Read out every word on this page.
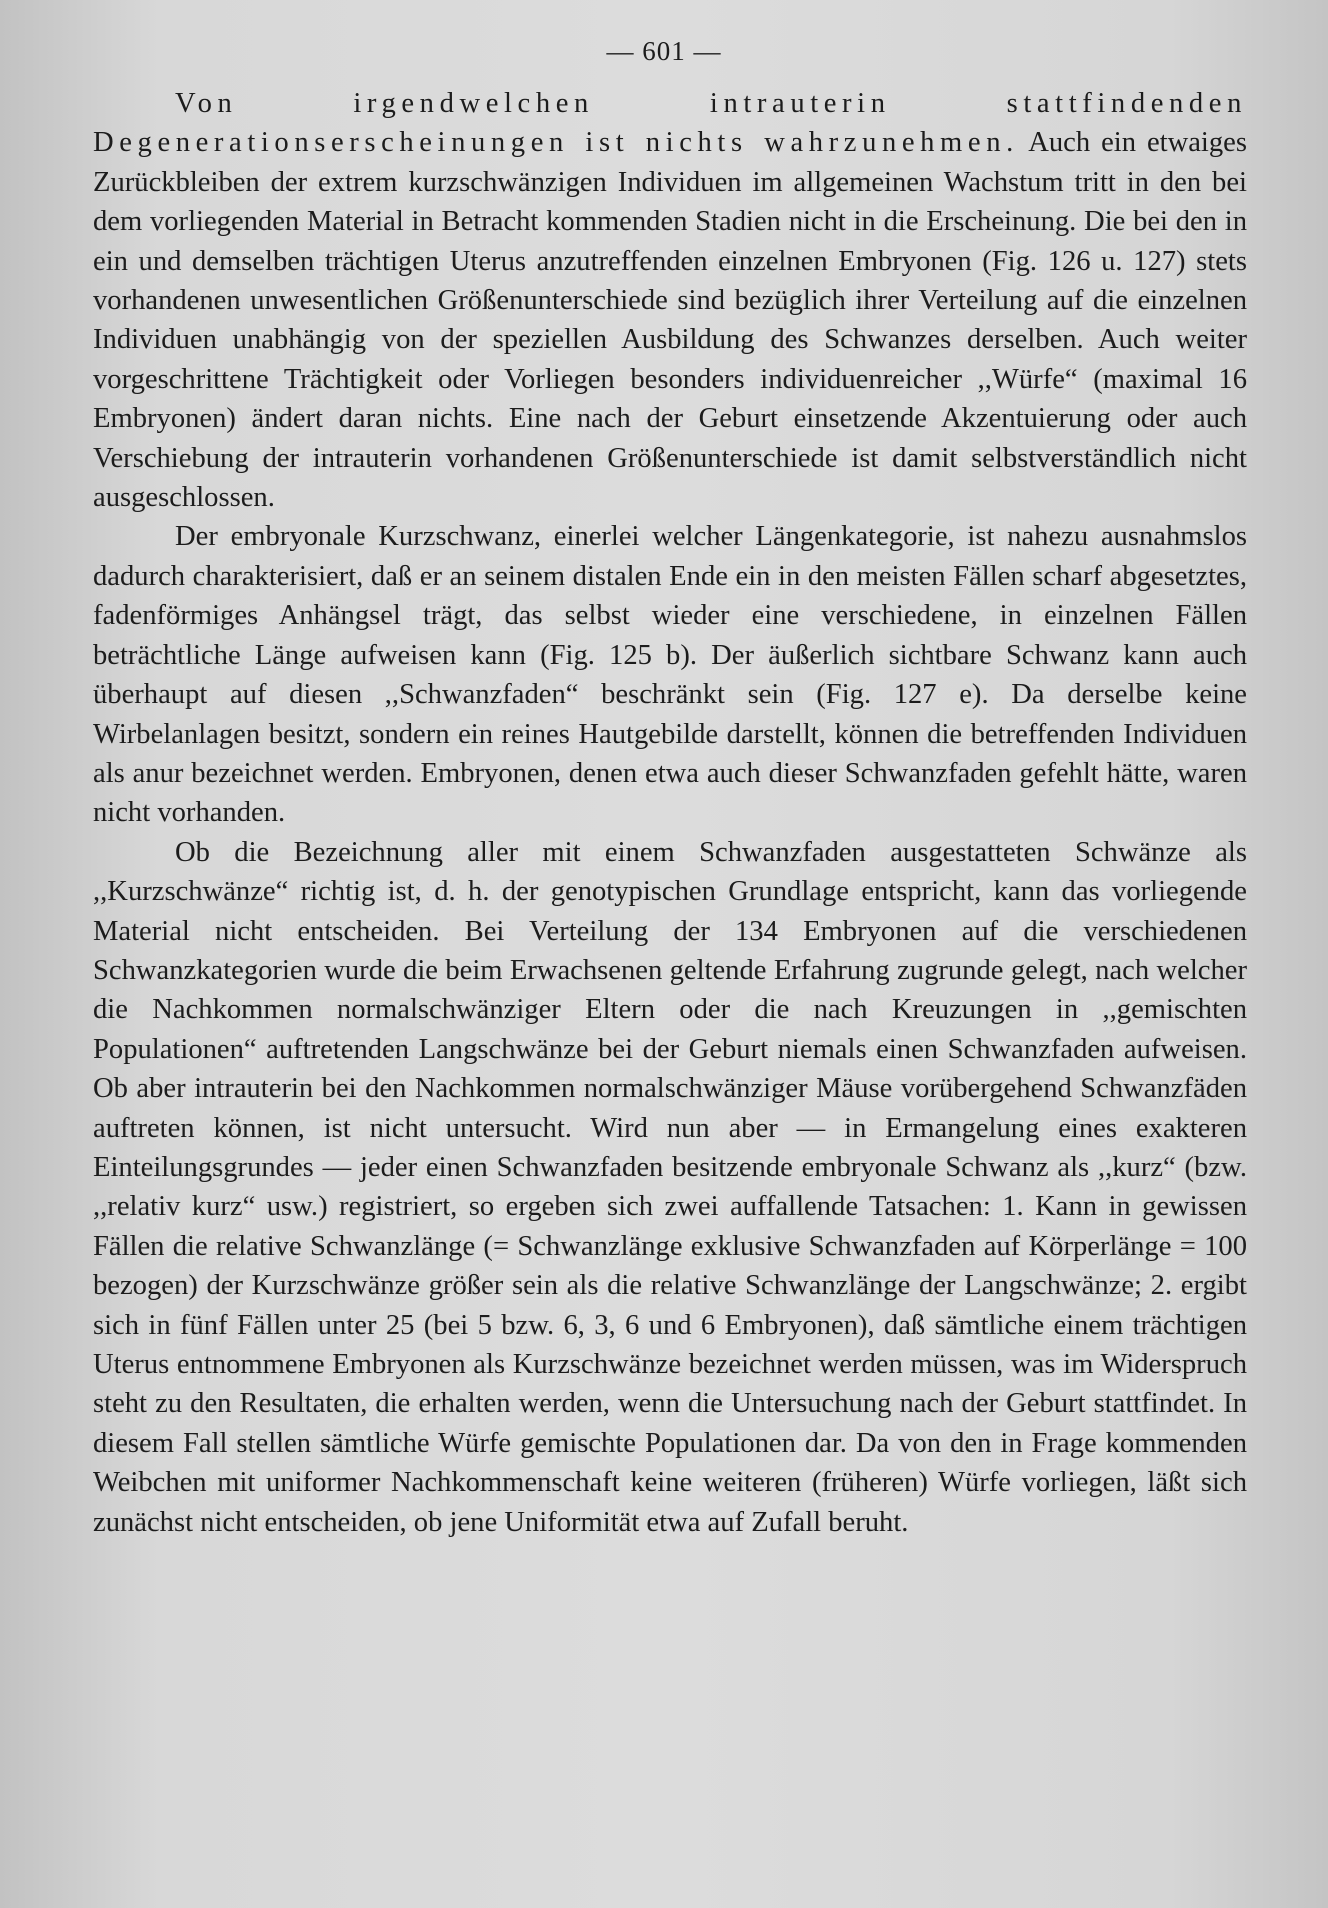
— 601 —

Von irgendwelchen intrauterin stattfindenden Degenerationserscheinungen ist nichts wahrzunehmen. Auch ein etwaiges Zurückbleiben der extrem kurzschwänzigen Individuen im allgemeinen Wachstum tritt in den bei dem vorliegenden Material in Betracht kommenden Stadien nicht in die Erscheinung. Die bei den in ein und demselben trächtigen Uterus anzutreffenden einzelnen Embryonen (Fig. 126 u. 127) stets vorhandenen unwesentlichen Größenunterschiede sind bezüglich ihrer Verteilung auf die einzelnen Individuen unabhängig von der speziellen Ausbildung des Schwanzes derselben. Auch weiter vorgeschrittene Trächtigkeit oder Vorliegen besonders individuenreicher ,,Würfe“ (maximal 16 Embryonen) ändert daran nichts. Eine nach der Geburt einsetzende Akzentuierung oder auch Verschiebung der intrauterin vorhandenen Größenunterschiede ist damit selbstverständlich nicht ausgeschlossen.

Der embryonale Kurzschwanz, einerlei welcher Längenkategorie, ist nahezu ausnahmslos dadurch charakterisiert, daß er an seinem distalen Ende ein in den meisten Fällen scharf abgesetztes, fadenförmiges Anhängsel trägt, das selbst wieder eine verschiedene, in einzelnen Fällen beträchtliche Länge aufweisen kann (Fig. 125 b). Der äußerlich sichtbare Schwanz kann auch überhaupt auf diesen ,,Schwanzfaden“ beschränkt sein (Fig. 127 e). Da derselbe keine Wirbelanlagen besitzt, sondern ein reines Hautgebilde darstellt, können die betreffenden Individuen als anur bezeichnet werden. Embryonen, denen etwa auch dieser Schwanzfaden gefehlt hätte, waren nicht vorhanden.

Ob die Bezeichnung aller mit einem Schwanzfaden ausgestatteten Schwänze als ,,Kurzschwänze“ richtig ist, d. h. der genotypischen Grundlage entspricht, kann das vorliegende Material nicht entscheiden. Bei Verteilung der 134 Embryonen auf die verschiedenen Schwanzkategorien wurde die beim Erwachsenen geltende Erfahrung zugrunde gelegt, nach welcher die Nachkommen normalschwänziger Eltern oder die nach Kreuzungen in ,,gemischten Populationen“ auftretenden Langschwänze bei der Geburt niemals einen Schwanzfaden aufweisen. Ob aber intrauterin bei den Nachkommen normalschwänziger Mäuse vorübergehend Schwanzfäden auftreten können, ist nicht untersucht. Wird nun aber — in Ermangelung eines exakteren Einteilungsgrundes — jeder einen Schwanzfaden besitzende embryonale Schwanz als ,,kurz“ (bzw. ,,relativ kurz“ usw.) registriert, so ergeben sich zwei auffallende Tatsachen: 1. Kann in gewissen Fällen die relative Schwanzlänge (= Schwanzlänge exklusive Schwanzfaden auf Körperlänge = 100 bezogen) der Kurzschwänze größer sein als die relative Schwanzlänge der Langschwänze; 2. ergibt sich in fünf Fällen unter 25 (bei 5 bzw. 6, 3, 6 und 6 Embryonen), daß sämtliche einem trächtigen Uterus entnommene Embryonen als Kurzschwänze bezeichnet werden müssen, was im Widerspruch steht zu den Resultaten, die erhalten werden, wenn die Untersuchung nach der Geburt stattfindet. In diesem Fall stellen sämtliche Würfe gemischte Populationen dar. Da von den in Frage kommenden Weibchen mit uniformer Nachkommenschaft keine weiteren (früheren) Würfe vorliegen, läßt sich zunächst nicht entscheiden, ob jene Uniformität etwa auf Zufall beruht.
